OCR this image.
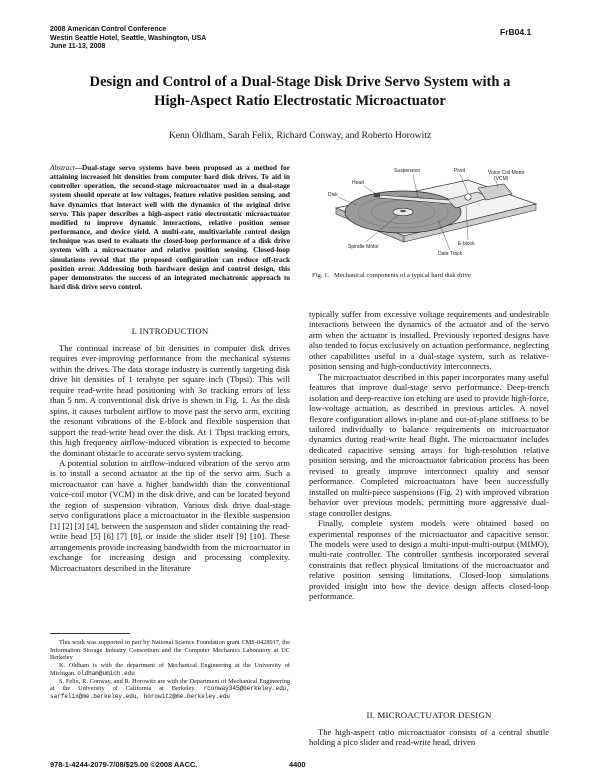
2008 American Control Conference
Westin Seattle Hotel, Seattle, Washington, USA
June 11-13, 2008
FrB04.1
Design and Control of a Dual-Stage Disk Drive Servo System with a
High-Aspect Ratio Electrostatic Microactuator
Kenn Oldham, Sarah Felix, Richard Conway, and Roberto Horowitz
Abstract—Dual-stage servo systems have been proposed as a method for attaining increased bit densities from computer hard disk drives. To aid in controller operation, the second-stage microactuator used in a dual-stage system should operate at low voltages, feature relative position sensing, and have dynamics that interact well with the dynamics of the original drive servo. This paper describes a high-aspect ratio electrostatic microactuator modified to improve dynamic interactions, relative position sensor performance, and device yield. A multi-rate, multivariable control design technique was used to evaluate the closed-loop performance of a disk drive system with a microactuator and relative position sensing. Closed-loop simulations reveal that the proposed configuration can reduce off-track position error. Addressing both hardware design and control design, this paper demonstrates the success of an integrated mechatronic approach to hard disk drive servo control.
I. INTRODUCTION

The continual increase of bit densities in computer disk drives requires ever-improving performance from the mechanical systems within the drives. The data storage industry is currently targeting disk drive bit densities of 1 terabyte per square inch (Tbpsi). This will require read-write head positioning with 3σ tracking errors of less than 5 nm. A conventional disk drive is shown in Fig. 1. As the disk spins, it causes turbulent airflow to move past the servo arm, exciting the resonant vibrations of the E-block and flexible suspension that support the read-write head over the disk. At 1 Tbpsi tracking errors, this high frequency airflow-induced vibration is expected to become the dominant obstacle to accurate servo system tracking.

A potential solution to airflow-induced vibration of the servo arm is to install a second actuator at the tip of the servo arm. Such a microactuator can have a higher bandwidth than the conventional voice-coil motor (VCM) in the disk drive, and can be located beyond the region of suspension vibration. Various disk drive dual-stage servo configurations place a microactuator in the flexible suspension [1] [2] [3] [4], between the suspension and slider containing the read-write head [5] [6] [7] [8], or inside the slider itself [9] [10]. These arrangements provide increasing bandwidth from the microactuator in exchange for increasing design and processing complexity. Microactuators described in the literature

This work was supported in part by National Science Foundation grant CMS-0428917, the Information Storage Industry Consortium and the Computer Mechanics Laboratory at UC Berkeley

K. Oldham is with the department of Mechanical Engineering at the University of Michigan. oldham@umich.edu

S. Felix, R. Conway, and R. Horowitz are with the Department of Mechanical Engineering at the University of California at Berkeley. rconway345@berkeley.edu, sarfelix@me.berkeley.edu, horowitz@me.berkeley.edu

Suspension	Pivot	Voice Coil Motor
(VCM)
Head
Disk
Spindle Motor	E-block
Data Track
Fig. 1. Mechanical components of a typical hard disk drive

typically suffer from excessive voltage requirements and undesirable interactions between the dynamics of the actuator and of the servo arm when the actuator is installed. Previously reported designs have also tended to focus exclusively on actuation performance, neglecting other capabilities useful in a dual-stage system, such as relative-position sensing and high-conductivity interconnects.

The microactuator described in this paper incorporates many useful features that improve dual-stage servo performance. Deep-trench isolation and deep-reactive ion etching are used to provide high-force, low-voltage actuation, as described in previous articles. A novel flexure configuration allows in-plane and out-of-plane stiffness to be tailored individually to balance requirements on microactuator dynamics during read-write head flight. The microactuator includes dedicated capacitive sensing arrays for high-resolution relative position sensing, and the microactuator fabrication process has been revised to greatly improve interconnect quality and sensor performance. Completed microactuators have been successfully installed on multi-piece suspensions (Fig. 2) with improved vibration behavior over previous models, permitting more aggressive dual-stage controller designs.

Finally, complete system models were obtained based on experimental responses of the microactuator and capacitive sensor. The models were used to design a multi-input-multi-output (MIMO), multi-rate controller. The controller synthesis incorporated several constraints that reflect physical limitations of the microactuator and relative position sensing limitations. Closed-loop simulations provided insight into how the device design affects closed-loop performance.

II. MICROACTUATOR DESIGN

The high-aspect ratio microactuator consists of a central shuttle holding a pico slider and read-write head, driven

978-1-4244-2079-7/08/$25.00 ©2008 AACC.	4400
